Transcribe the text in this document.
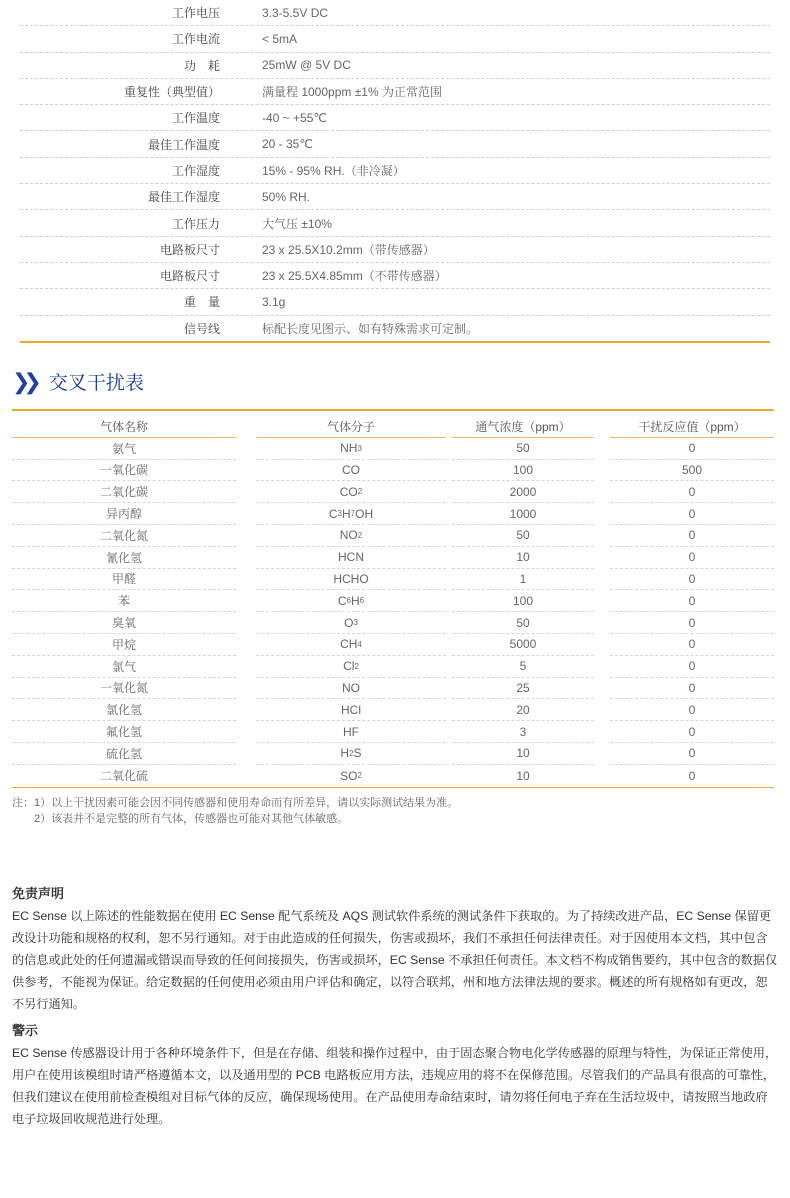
工作电压	3.3-5.5V DC
工作电流	< 5mA
功　耗	25mW @ 5V DC
重复性（典型值）	满量程 1000ppm ±1% 为正常范围
工作温度	-40 ~ +55℃
最佳工作温度	20 - 35℃
工作湿度	15% - 95% RH.（非冷凝）
最佳工作湿度	50% RH.
工作压力	大气压 ±10%
电路板尺寸	23 x 25.5X10.2mm（带传感器）
电路板尺寸	23 x 25.5X4.85mm（不带传感器）
重　量	3.1g
信号线	标配长度见图示、如有特殊需求可定制。
❯❯ 交叉干扰表
气体名称	气体分子	通气浓度（ppm）	干扰反应值（ppm）
氨气	NH 3	50	0
一氧化碳	CO	100	500
二氧化碳	CO 2	2000	0
异丙醇	C 3 H 7 OH	1000	0
二氧化氮	NO 2	50	0
氰化氢	HCN	10	0
甲醛	HCHO	1	0
苯	C 6 H 6	100	0
臭氧	O 3	50	0
甲烷	CH 4	5000	0
氯气	Cl 2	5	0
一氧化氮	NO	25	0
氯化氢	HCl	20	0
氟化氢	HF	3	0
硫化氢	H 2 S	10	0
二氧化硫	SO 2	10	0
注：1）以上干扰因素可能会因不同传感器和使用寿命而有所差异，请以实际测试结果为准。
2）该表并不是完整的所有气体，传感器也可能对其他气体敏感。
免责声明
EC Sense 以上陈述的性能数据在使用 EC Sense 配气系统及 AQS 测试软件系统的测试条件下获取的。为了持续改进产品，EC Sense 保留更改设计功能和规格的权利，恕不另行通知。对于由此造成的任何损失，伤害或损坏，我们不承担任何法律责任。对于因使用本文档，其中包含的信息或此处的任何遗漏或错误而导致的任何间接损失，伤害或损坏，EC Sense 不承担任何责任。本文档不构成销售要约，其中包含的数据仅供参考，不能视为保证。给定数据的任何使用必须由用户评估和确定，以符合联邦，州和地方法律法规的要求。概述的所有规格如有更改，恕不另行通知。
警示
EC Sense 传感器设计用于各种环境条件下，但是在存储、组装和操作过程中，由于固态聚合物电化学传感器的原理与特性，为保证正常使用，用户在使用该模组时请严格遵循本文，以及通用型的 PCB 电路板应用方法，违规应用的将不在保修范围。尽管我们的产品具有很高的可靠性，但我们建议在使用前检查模组对目标气体的反应，确保现场使用。在产品使用寿命结束时，请勿将任何电子弃在生活垃圾中，请按照当地政府电子垃圾回收规范进行处理。
